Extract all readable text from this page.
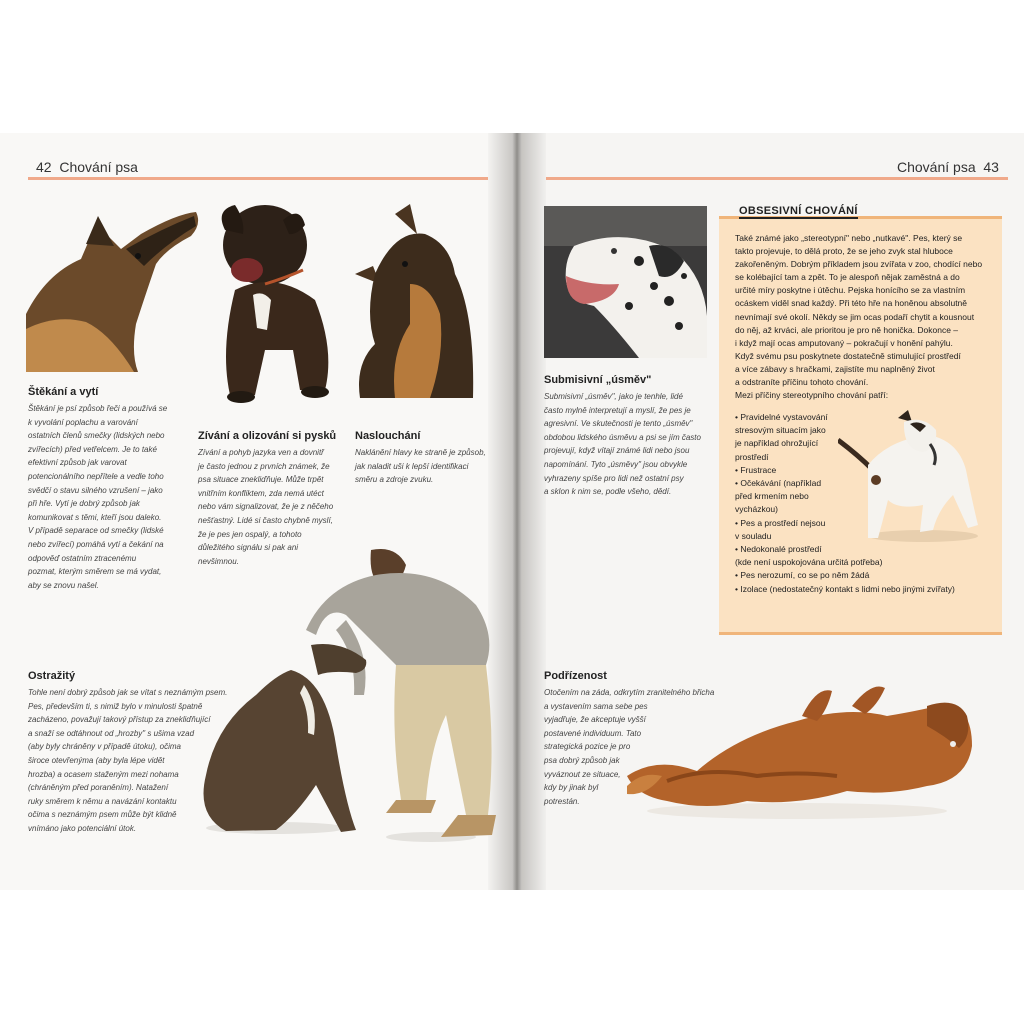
42 Chování psa	Chování psa 43
Štěkání a vytí
Štěkání je psí způsob řeči a používá se
k vyvolání poplachu a varování
ostatních členů smečky (lidských nebo
zvířecích) před vetřelcem. Je to také
efektivní způsob jak varovat
potencionálního nepřítele a vedle toho
svědčí o stavu silného vzrušení – jako
při hře. Vytí je dobrý způsob jak
komunikovat s těmi, kteří jsou daleko.
V případě separace od smečky (lidské
nebo zvířecí) pomáhá vytí a čekání na
odpověď ostatním ztracenému
pozmat, kterým směrem se má vydat,
aby se znovu našel.
Zívání a olizování si pysků
Zívání a pohyb jazyka ven a dovnitř
je často jednou z prvních známek, že
psa situace znekliďňuje. Může trpět
vnitřním konfliktem, zda nemá utéct
nebo vám signalizovat, že je z něčeho
nešťastný. Lidé si často chybně myslí,
že je pes jen ospalý, a tohoto
důležitého signálu si pak ani
nevšimnou.
Naslouchání
Naklánění hlavy ke straně je způsob,
jak naladit uši k lepší identifikaci
směru a zdroje zvuku.
Ostražitý
Tohle není dobrý způsob jak se vítat s neznámým psem.
Pes, především ti, s nimiž bylo v minulosti špatně
zacházeno, považují takový přístup za znekliďňující
a snaží se odtáhnout od „hrozby" s ušima vzad
(aby byly chráněny v případě útoku), očima
široce otevřenýma (aby byla lépe vidět
hrozba) a ocasem staženým mezi nohama
(chráněným před poraněním). Natažení
ruky směrem k němu a navázání kontaktu
očima s neznámým psem může být klidně
vnímáno jako potenciální útok.
Submisivní „úsměv"
Submisivní „úsměv", jako je tenhle, lidé
často mylně interpretují a myslí, že pes je
agresivní. Ve skutečnosti je tento „úsměv"
obdobou lidského úsměvu a psi se jím často
projevují, když vítají známé lidi nebo jsou
napomínání. Tyto „úsměvy" jsou obvykle
vyhrazeny spíše pro lidi než ostatní psy
a sklon k nim se, podle všeho, dědí.
OBSESIVNÍ CHOVÁNÍ
Také známé jako „stereotypní" nebo „nutkavé". Pes, který se
takto projevuje, to dělá proto, že se jeho zvyk stal hluboce
zakořeněným. Dobrým příkladem jsou zvířata v zoo, chodící nebo
se kolébající tam a zpět. To je alespoň nějak zaměstná a do
určité míry poskytne i útěchu. Pejska honícího se za vlastním
ocáskem viděl snad každý. Při této hře na honěnou absolutně
nevnímají své okolí. Někdy se jim ocas podaří chytit a kousnout
do něj, až krváci, ale prioritou je pro ně honička. Dokonce –
i když mají ocas amputovaný – pokračují v honění pahýlu.
Když svému psu poskytnete dostatečně stimulující prostředí
a více zábavy s hračkami, zajistíte mu naplněný život
a odstraníte příčinu tohoto chování.
Mezi příčiny stereotypního chování patří:
• Pravidelné vystavování
stresovým situacím jako
je například ohrožující
prostředí
• Frustrace
• Očekávání (například
před krmením nebo
vycházkou)
• Pes a prostředí nejsou
v souladu
• Nedokonalé prostředí
(kde není uspokojována určitá potřeba)
• Pes nerozumí, co se po něm žádá
• Izolace (nedostatečný kontakt s lidmi nebo jinými zvířaty)
Podřízenost
Otočením na záda, odkrytím zranitelného břicha
a vystavením sama sebe pes
vyjadřuje, že akceptuje vyšší
postavené individuum. Tato
strategická pozice je pro
psa dobrý způsob jak
vyváznout ze situace,
kdy by jinak byl
potrestán.
